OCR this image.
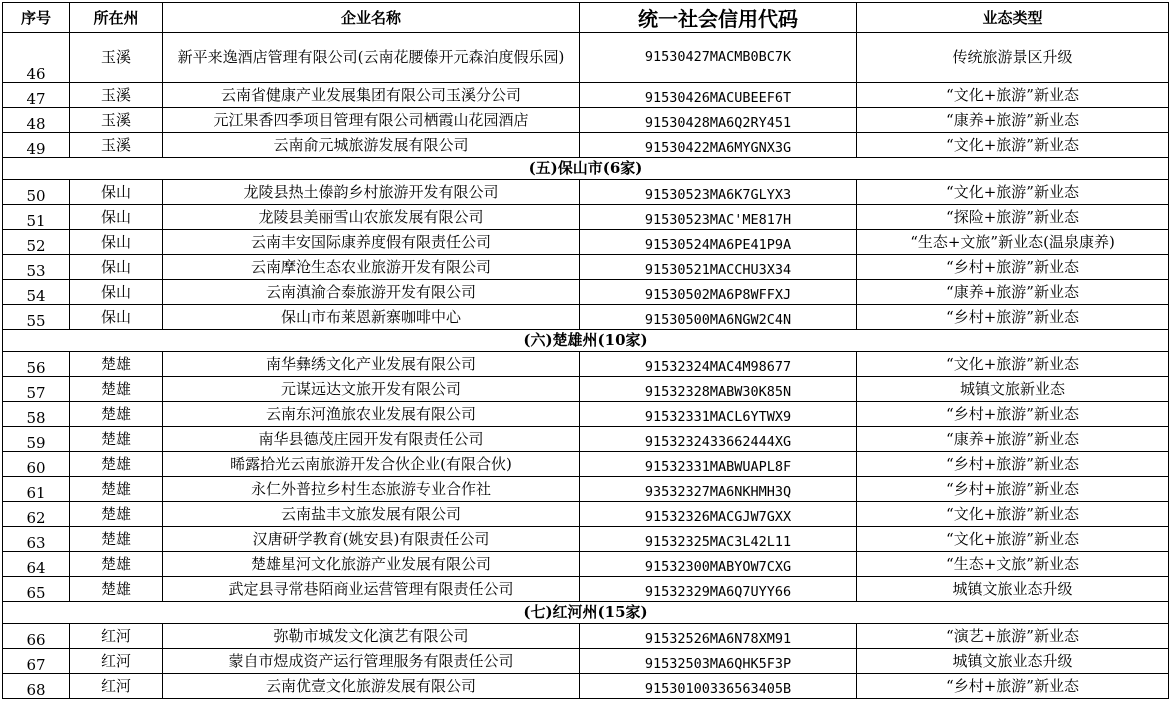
序号	所在州	企业名称	统一社会信用代码	业态类型
46	玉溪	新平来逸酒店管理有限公司(云南花腰傣开元森泊度假乐园)	91530427MACMB0BC7K	传统旅游景区升级
47	玉溪	云南省健康产业发展集团有限公司玉溪分公司	91530426MACUBEEF6T	“文化+旅游”新业态
48	玉溪	元江果香四季项目管理有限公司栖霞山花园酒店	91530428MA6Q2RY451	“康养+旅游”新业态
49	玉溪	云南俞元城旅游发展有限公司	91530422MA6MYGNX3G	“文化+旅游”新业态
(五)保山市(6家)				
50	保山	龙陵县热土傣韵乡村旅游开发有限公司	91530523MA6K7GLYX3	“文化+旅游”新业态
51	保山	龙陵县美丽雪山农旅发展有限公司	91530523MAC'ME817H	“探险+旅游”新业态
52	保山	云南丰安国际康养度假有限责任公司	91530524MA6PE41P9A	“生态+文旅”新业态(温泉康养)
53	保山	云南摩沧生态农业旅游开发有限公司	91530521MACCHU3X34	“乡村+旅游”新业态
54	保山	云南滇渝合泰旅游开发有限公司	91530502MA6P8WFFXJ	“康养+旅游”新业态
55	保山	保山市布莱恩新寨咖啡中心	91530500MA6NGW2C4N	“乡村+旅游”新业态
(六)楚雄州(10家)				
56	楚雄	南华彝绣文化产业发展有限公司	91532324MAC4M98677	“文化+旅游”新业态
57	楚雄	元谋远达文旅开发有限公司	91532328MABW30K85N	城镇文旅新业态
58	楚雄	云南东河渔旅农业发展有限公司	91532331MACL6YTWX9	“乡村+旅游”新业态
59	楚雄	南华县德茂庄园开发有限责任公司	9153232433662444XG	“康养+旅游”新业态
60	楚雄	晞露拾光云南旅游开发合伙企业(有限合伙)	91532331MABWUAPL8F	“乡村+旅游”新业态
61	楚雄	永仁外普拉乡村生态旅游专业合作社	93532327MA6NKHMH3Q	“乡村+旅游”新业态
62	楚雄	云南盐丰文旅发展有限公司	91532326MACGJW7GXX	“文化+旅游”新业态
63	楚雄	汉唐研学教育(姚安县)有限责任公司	91532325MAC3L42L11	“文化+旅游”新业态
64	楚雄	楚雄星河文化旅游产业发展有限公司	91532300MABYOW7CXG	“生态+文旅”新业态
65	楚雄	武定县寻常巷陌商业运营管理有限责任公司	91532329MA6Q7UYY66	城镇文旅业态升级
(七)红河州(15家)				
66	红河	弥勒市城发文化演艺有限公司	91532526MA6N78XM91	“演艺+旅游”新业态
67	红河	蒙自市煜成资产运行管理服务有限责任公司	91532503MA6QHK5F3P	城镇文旅业态升级
68	红河	云南优壹文化旅游发展有限公司	91530100336563405B	“乡村+旅游”新业态
